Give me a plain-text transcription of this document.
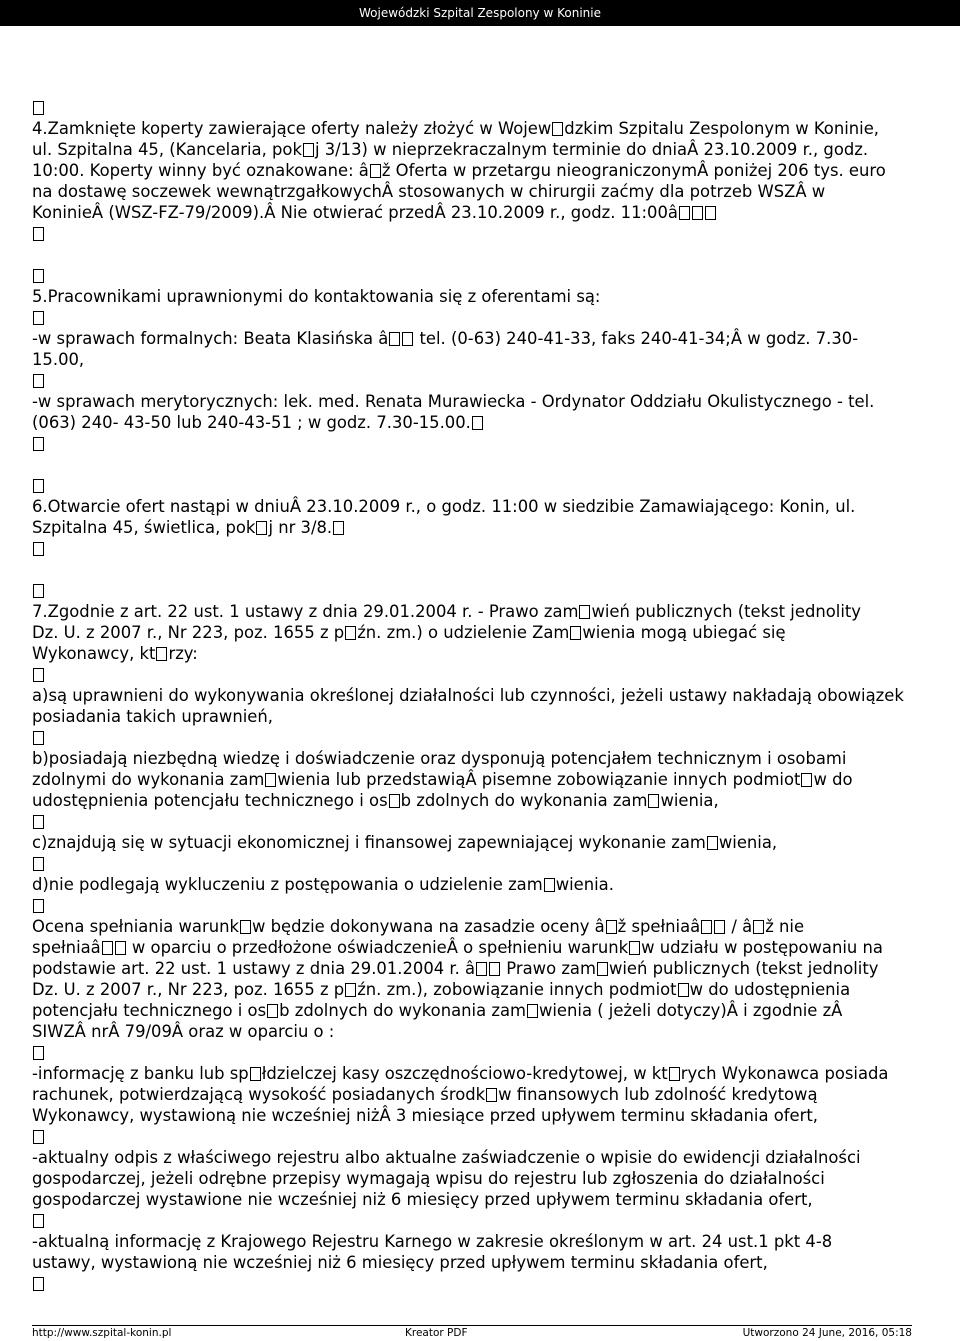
Wojewódzki Szpital Zespolony w Koninie
4.Zamknięte koperty zawierające oferty należy złożyć w Wojew dzkim Szpitalu Zespolonym w Koninie,
ul. Szpitalna 45, (Kancelaria, pok j 3/13) w nieprzekraczalnym terminie do dniaÂ 23.10.2009 r., godz.
10:00. Koperty winny być oznakowane: â ž Oferta w przetargu nieograniczonymÂ poniżej 206 tys. euro
na dostawę soczewek wewnątrzgałkowychÂ stosowanych w chirurgii zaćmy dla potrzeb WSZÂ w
KoninieÂ (WSZ-FZ-79/2009).Â Nie otwierać przedÂ 23.10.2009 r., godz. 11:00â
5.Pracownikami uprawnionymi do kontaktowania się z oferentami są:
-w sprawach formalnych: Beata Klasińska â tel. (0-63) 240-41-33, faks 240-41-34;Â w godz. 7.30-
15.00,
-w sprawach merytorycznych: lek. med. Renata Murawiecka - Ordynator Oddziału Okulistycznego - tel.
(063) 240- 43-50 lub 240-43-51 ; w godz. 7.30-15.00.
6.Otwarcie ofert nastąpi w dniuÂ 23.10.2009 r., o godz. 11:00 w siedzibie Zamawiającego: Konin, ul.
Szpitalna 45, świetlica, pok j nr 3/8.
7.Zgodnie z art. 22 ust. 1 ustawy z dnia 29.01.2004 r. - Prawo zam wień publicznych (tekst jednolity
Dz. U. z 2007 r., Nr 223, poz. 1655 z p źn. zm.) o udzielenie Zam wienia mogą ubiegać się
Wykonawcy, kt rzy:
a)są uprawnieni do wykonywania określonej działalności lub czynności, jeżeli ustawy nakładają obowiązek
posiadania takich uprawnień,
b)posiadają niezbędną wiedzę i doświadczenie oraz dysponują potencjałem technicznym i osobami
zdolnymi do wykonania zam wienia lub przedstawiąÂ pisemne zobowiązanie innych podmiot w do
udostępnienia potencjału technicznego i os b zdolnych do wykonania zam wienia,
c)znajdują się w sytuacji ekonomicznej i finansowej zapewniającej wykonanie zam wienia,
d)nie podlegają wykluczeniu z postępowania o udzielenie zam wienia.
Ocena spełniania warunk w będzie dokonywana na zasadzie oceny â ž spełniaâ / â ž nie
spełniaâ w oparciu o przedłożone oświadczenieÂ o spełnieniu warunk w udziału w postępowaniu na
podstawie art. 22 ust. 1 ustawy z dnia 29.01.2004 r. â Prawo zam wień publicznych (tekst jednolity
Dz. U. z 2007 r., Nr 223, poz. 1655 z p źn. zm.), zobowiązanie innych podmiot w do udostępnienia
potencjału technicznego i os b zdolnych do wykonania zam wienia ( jeżeli dotyczy)Â i zgodnie zÂ
SIWZÂ nrÂ 79/09Â oraz w oparciu o :
-informację z banku lub sp łdzielczej kasy oszczędnościowo-kredytowej, w kt rych Wykonawca posiada
rachunek, potwierdzającą wysokość posiadanych środk w finansowych lub zdolność kredytową
Wykonawcy, wystawioną nie wcześniej niżÂ 3 miesiące przed upływem terminu składania ofert,
-aktualny odpis z właściwego rejestru albo aktualne zaświadczenie o wpisie do ewidencji działalności
gospodarczej, jeżeli odrębne przepisy wymagają wpisu do rejestru lub zgłoszenia do działalności
gospodarczej wystawione nie wcześniej niż 6 miesięcy przed upływem terminu składania ofert,
-aktualną informację z Krajowego Rejestru Karnego w zakresie określonym w art. 24 ust.1 pkt 4-8
ustawy, wystawioną nie wcześniej niż 6 miesięcy przed upływem terminu składania ofert,
http://www.szpital-konin.pl	Kreator PDF	Utworzono 24 June, 2016, 05:18
